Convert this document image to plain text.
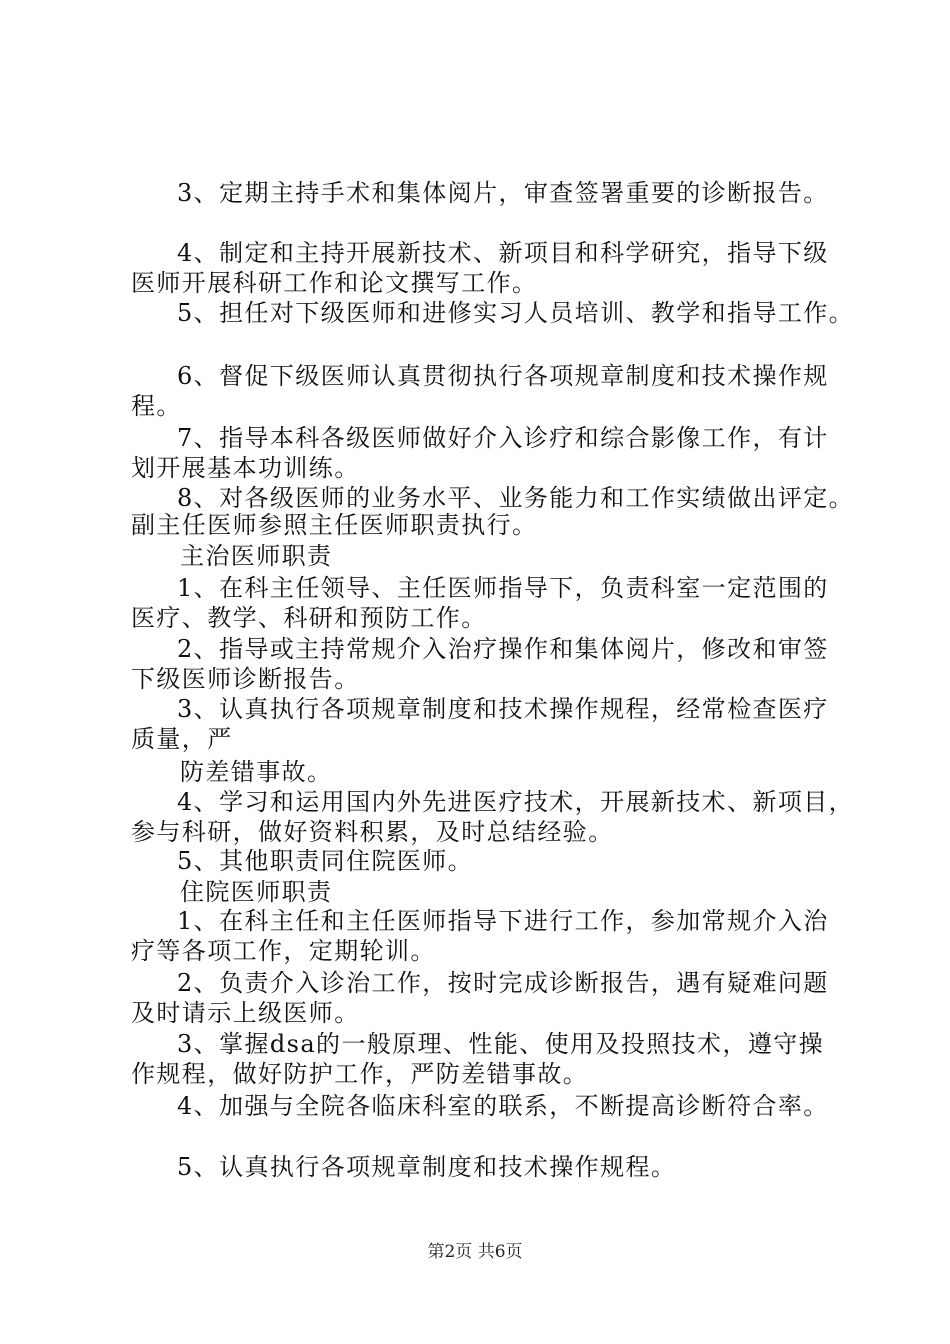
3、定期主持手术和集体阅片，审查签署重要的诊断报告。

4、制定和主持开展新技术、新项目和科学研究，指导下级

医师开展科研工作和论文撰写工作。

5、担任对下级医师和进修实习人员培训、教学和指导工作。

6、督促下级医师认真贯彻执行各项规章制度和技术操作规

程。

7、指导本科各级医师做好介入诊疗和综合影像工作，有计

划开展基本功训练。

8、对各级医师的业务水平、业务能力和工作实绩做出评定。

副主任医师参照主任医师职责执行。

主治医师职责

1、在科主任领导、主任医师指导下，负责科室一定范围的

医疗、教学、科研和预防工作。

2、指导或主持常规介入治疗操作和集体阅片，修改和审签

下级医师诊断报告。

3、认真执行各项规章制度和技术操作规程，经常检查医疗

质量，严

防差错事故。

4、学习和运用国内外先进医疗技术，开展新技术、新项目，

参与科研，做好资料积累，及时总结经验。

5、其他职责同住院医师。

住院医师职责

1、在科主任和主任医师指导下进行工作，参加常规介入治

疗等各项工作，定期轮训。

2、负责介入诊治工作，按时完成诊断报告，遇有疑难问题

及时请示上级医师。

3、掌握dsa的一般原理、性能、使用及投照技术，遵守操

作规程，做好防护工作，严防差错事故。

4、加强与全院各临床科室的联系，不断提高诊断符合率。

5、认真执行各项规章制度和技术操作规程。

第2页 共6页
